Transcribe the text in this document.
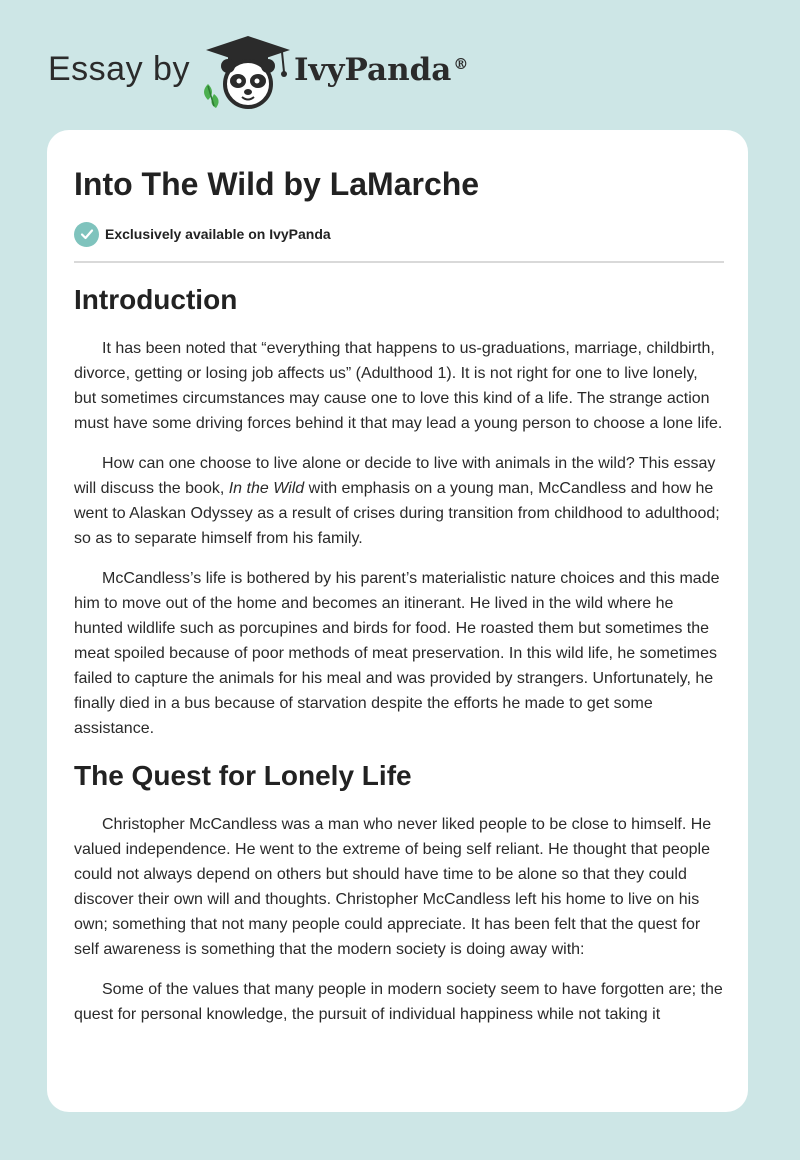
Essay by	IvyPanda ®
Into The Wild by LaMarche
Exclusively available on IvyPanda
Introduction

It has been noted that “everything that happens to us-graduations, marriage, childbirth, divorce, getting or losing job affects us” (Adulthood 1). It is not right for one to live lonely, but sometimes circumstances may cause one to love this kind of a life. The strange action must have some driving forces behind it that may lead a young person to choose a lone life.

How can one choose to live alone or decide to live with animals in the wild? This essay will discuss the book, In the Wild with emphasis on a young man, McCandless and how he went to Alaskan Odyssey as a result of crises during transition from childhood to adulthood; so as to separate himself from his family.

McCandless’s life is bothered by his parent’s materialistic nature choices and this made him to move out of the home and becomes an itinerant. He lived in the wild where he hunted wildlife such as porcupines and birds for food. He roasted them but sometimes the meat spoiled because of poor methods of meat preservation. In this wild life, he sometimes failed to capture the animals for his meal and was provided by strangers. Unfortunately, he finally died in a bus because of starvation despite the efforts he made to get some assistance.

The Quest for Lonely Life

Christopher McCandless was a man who never liked people to be close to himself. He valued independence. He went to the extreme of being self reliant. He thought that people could not always depend on others but should have time to be alone so that they could discover their own will and thoughts. Christopher McCandless left his home to live on his own; something that not many people could appreciate. It has been felt that the quest for self awareness is something that the modern society is doing away with:

Some of the values that many people in modern society seem to have forgotten are; the quest for personal knowledge, the pursuit of individual happiness while not taking it
